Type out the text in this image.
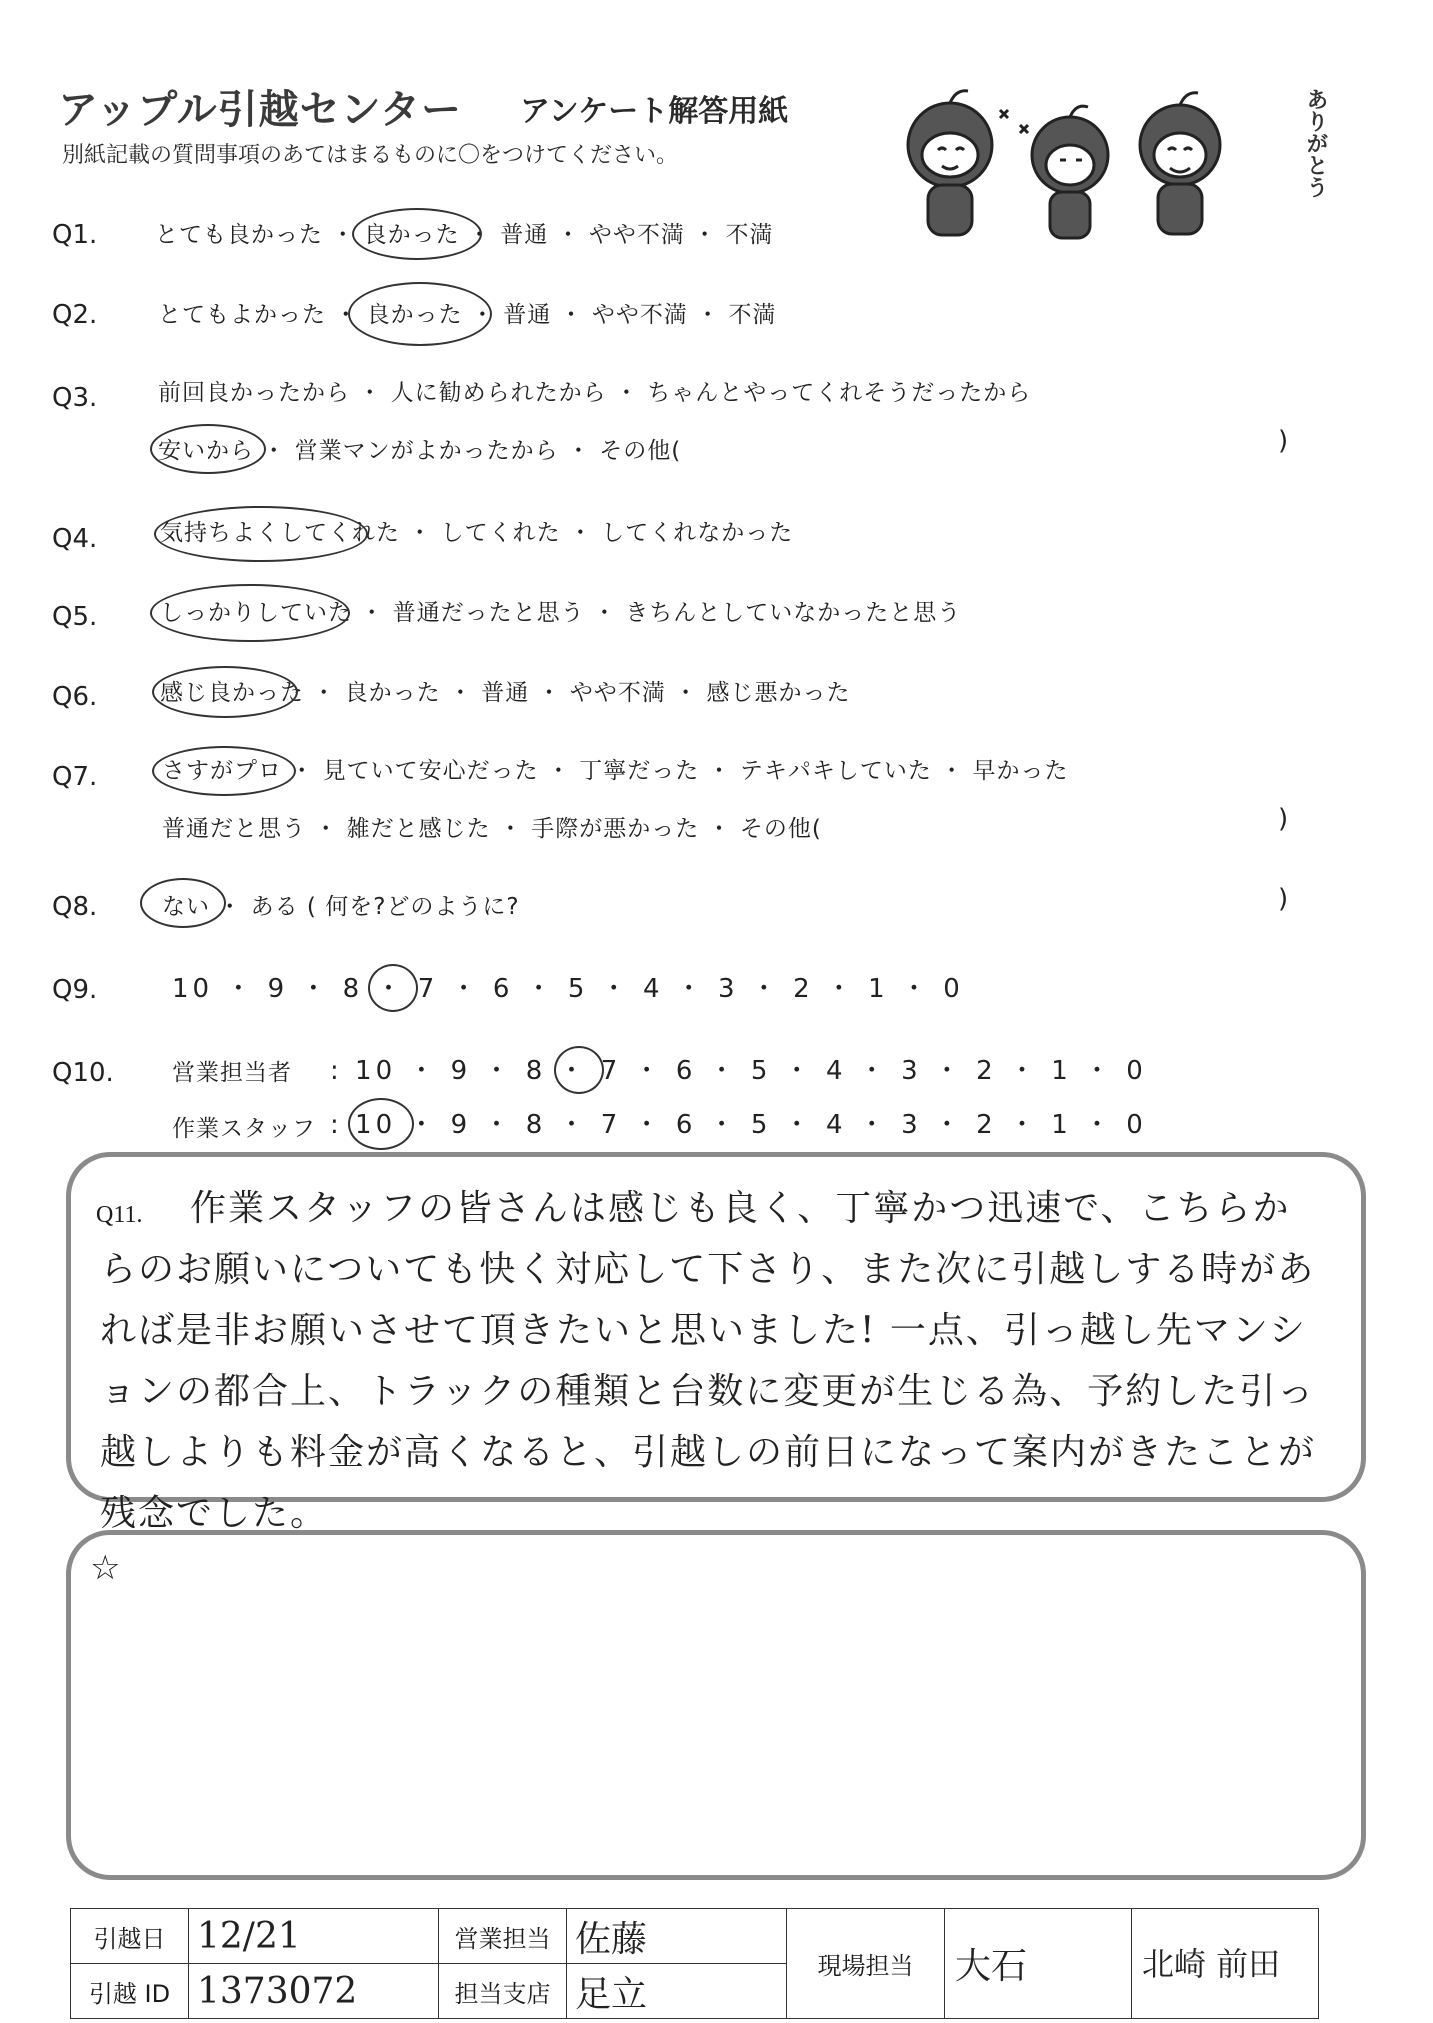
アップル引越センター アンケート解答用紙
別紙記載の質問事項のあてはまるものに〇をつけてください。	ありがとう
Q1.	とても良かった ・ 良かった ・ 普通 ・ やや不満 ・ 不満
Q2.	とてもよかった ・ 良かった ・ 普通 ・ やや不満 ・ 不満
Q3.	前回良かったから ・ 人に勧められたから ・ ちゃんとやってくれそうだったから
安いから ・ 営業マンがよかったから ・ その他(	)
Q4.	気持ちよくしてくれた ・ してくれた ・ してくれなかった
Q5.	しっかりしていた ・ 普通だったと思う ・ きちんとしていなかったと思う
Q6.	感じ良かった ・ 良かった ・ 普通 ・ やや不満 ・ 感じ悪かった
Q7.	さすがプロ ・ 見ていて安心だった ・ 丁寧だった ・ テキパキしていた ・ 早かった
普通だと思う ・ 雑だと感じた ・ 手際が悪かった ・ その他(	)
Q8.	ない ・ ある ( 何を?どのように?	)
Q9.	10 ・ 9 ・ 8 ・ 7 ・ 6 ・ 5 ・ 4 ・ 3 ・ 2 ・ 1 ・ 0
Q10.	営業担当者 : 10 ・ 9 ・ 8 ・ 7 ・ 6 ・ 5 ・ 4 ・ 3 ・ 2 ・ 1 ・ 0
作業スタッフ : 10 ・ 9 ・ 8 ・ 7 ・ 6 ・ 5 ・ 4 ・ 3 ・ 2 ・ 1 ・ 0
Q11.	作業スタッフの皆さんは感じも良く、丁寧かつ迅速で、こちらからのお願いについても快く対応して下さり、また次に引越しする時があれば是非お願いさせて頂きたいと思いました! 一点、引っ越し先マンションの都合上、トラックの種類と台数に変更が生じる為、予約した引っ越しよりも料金が高くなると、引越しの前日になって案内がきたことが残念でした。
☆
引越日	12/21	営業担当	佐藤	現場担当	大石	北崎 前田
引越 ID	1373072	担当支店	足立			
